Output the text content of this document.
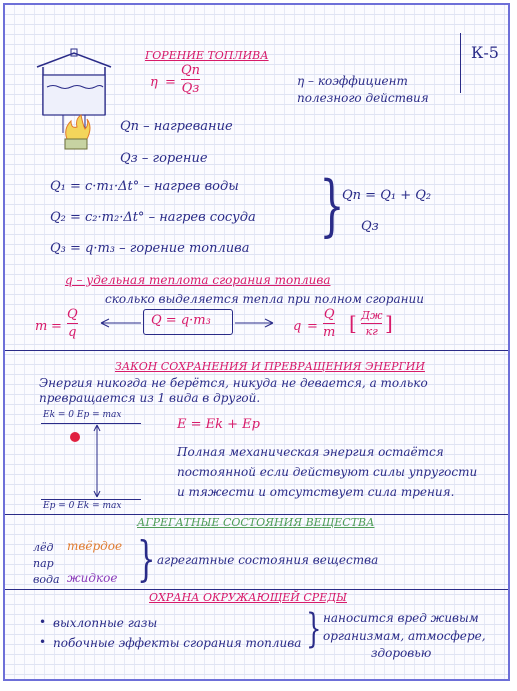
К-5
ГОРЕНИЕ ТОПЛИВА
η =
Qп
Qз	η – коэффициент полезного действия
Qп – нагревание
Qз – горение
Q₁ = c·m₁·Δt° – нагрев воды
Q₂ = c₂·m₂·Δt° – нагрев сосуда
Q₃ = q·m₃ – горение топлива
}
Qп = Q₁ + Q₂
Qз
q – удельная теплота сгорания топлива
сколько выделяется тепла при полном сгорании
m =
Q
q
Q = q·m₃	q =
Q
m [ Дж
кг ]
ЗАКОН СОХРАНЕНИЯ И ПРЕВРАЩЕНИЯ ЭНЕРГИИ
Энергия никогда не берётся, никуда не девается, а только
превращается из 1 вида в другой.
Ek = 0 Ep = max
Ep = 0 Ek = max
E = Ek + Ep
Полная механическая энергия остаётся
постоянной если действуют силы упругости
и тяжести и отсутствует сила трения.
АГРЕГАТНЫЕ СОСТОЯНИЯ ВЕЩЕСТВА
лёд
пар
вода
твёрдое
жидкое } агрегатные состояния вещества
ОХРАНА ОКРУЖАЮЩЕЙ СРЕДЫ
• выхлопные газы
• побочные эффекты сгорания топлива } наносится вред живым
организмам, атмосфере,
здоровью
